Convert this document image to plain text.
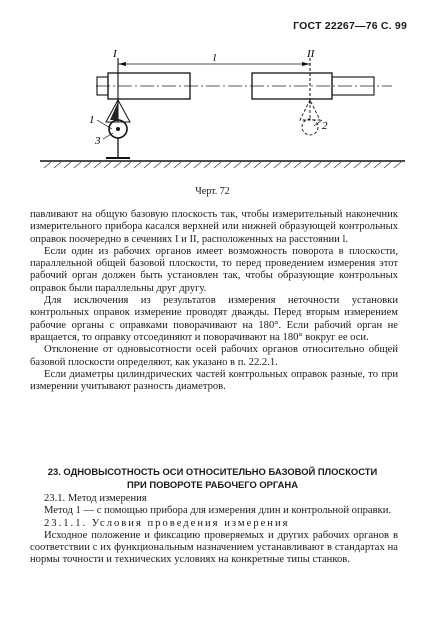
ГОСТ 22267—76 С. 99
I	II
l
1
3
2
Черт. 72

павливают на общую базовую плоскость так, чтобы измерительный наконечник измерительного прибора касался верхней или нижней образующей контрольных оправок поочередно в сечениях I и II, расположенных на расстоянии l.

Если один из рабочих органов имеет возможность поворота в плоскости, параллельной общей базовой плоскости, то перед проведением измерения этот рабочий орган должен быть установлен так, чтобы образующие контрольных оправок были параллельны друг другу.

Для исключения из результатов измерения неточности установки контрольных оправок измерение проводят дважды. Перед вторым измерением рабочие органы с оправками поворачивают на 180°. Если рабочий орган не вращается, то оправку отсоединяют и поворачивают на 180° вокруг ее оси.

Отклонение от одновысотности осей рабочих органов относительно общей базовой плоскости определяют, как указано в п. 22.2.1.

Если диаметры цилиндрических частей контрольных оправок разные, то при измерении учитывают разность диаметров.

23. ОДНОВЫСОТНОСТЬ ОСИ ОТНОСИТЕЛЬНО БАЗОВОЙ ПЛОСКОСТИ
ПРИ ПОВОРОТЕ РАБОЧЕГО ОРГАНА

23.1. Метод измерения

Метод 1 — с помощью прибора для измерения длин и контрольной оправки.

23.1.1. Условия проведения измерения

Исходное положение и фиксацию проверяемых и других рабочих органов в соответствии с их функциональным назначением устанавливают в стандартах на нормы точности и технических условиях на конкретные типы станков.
